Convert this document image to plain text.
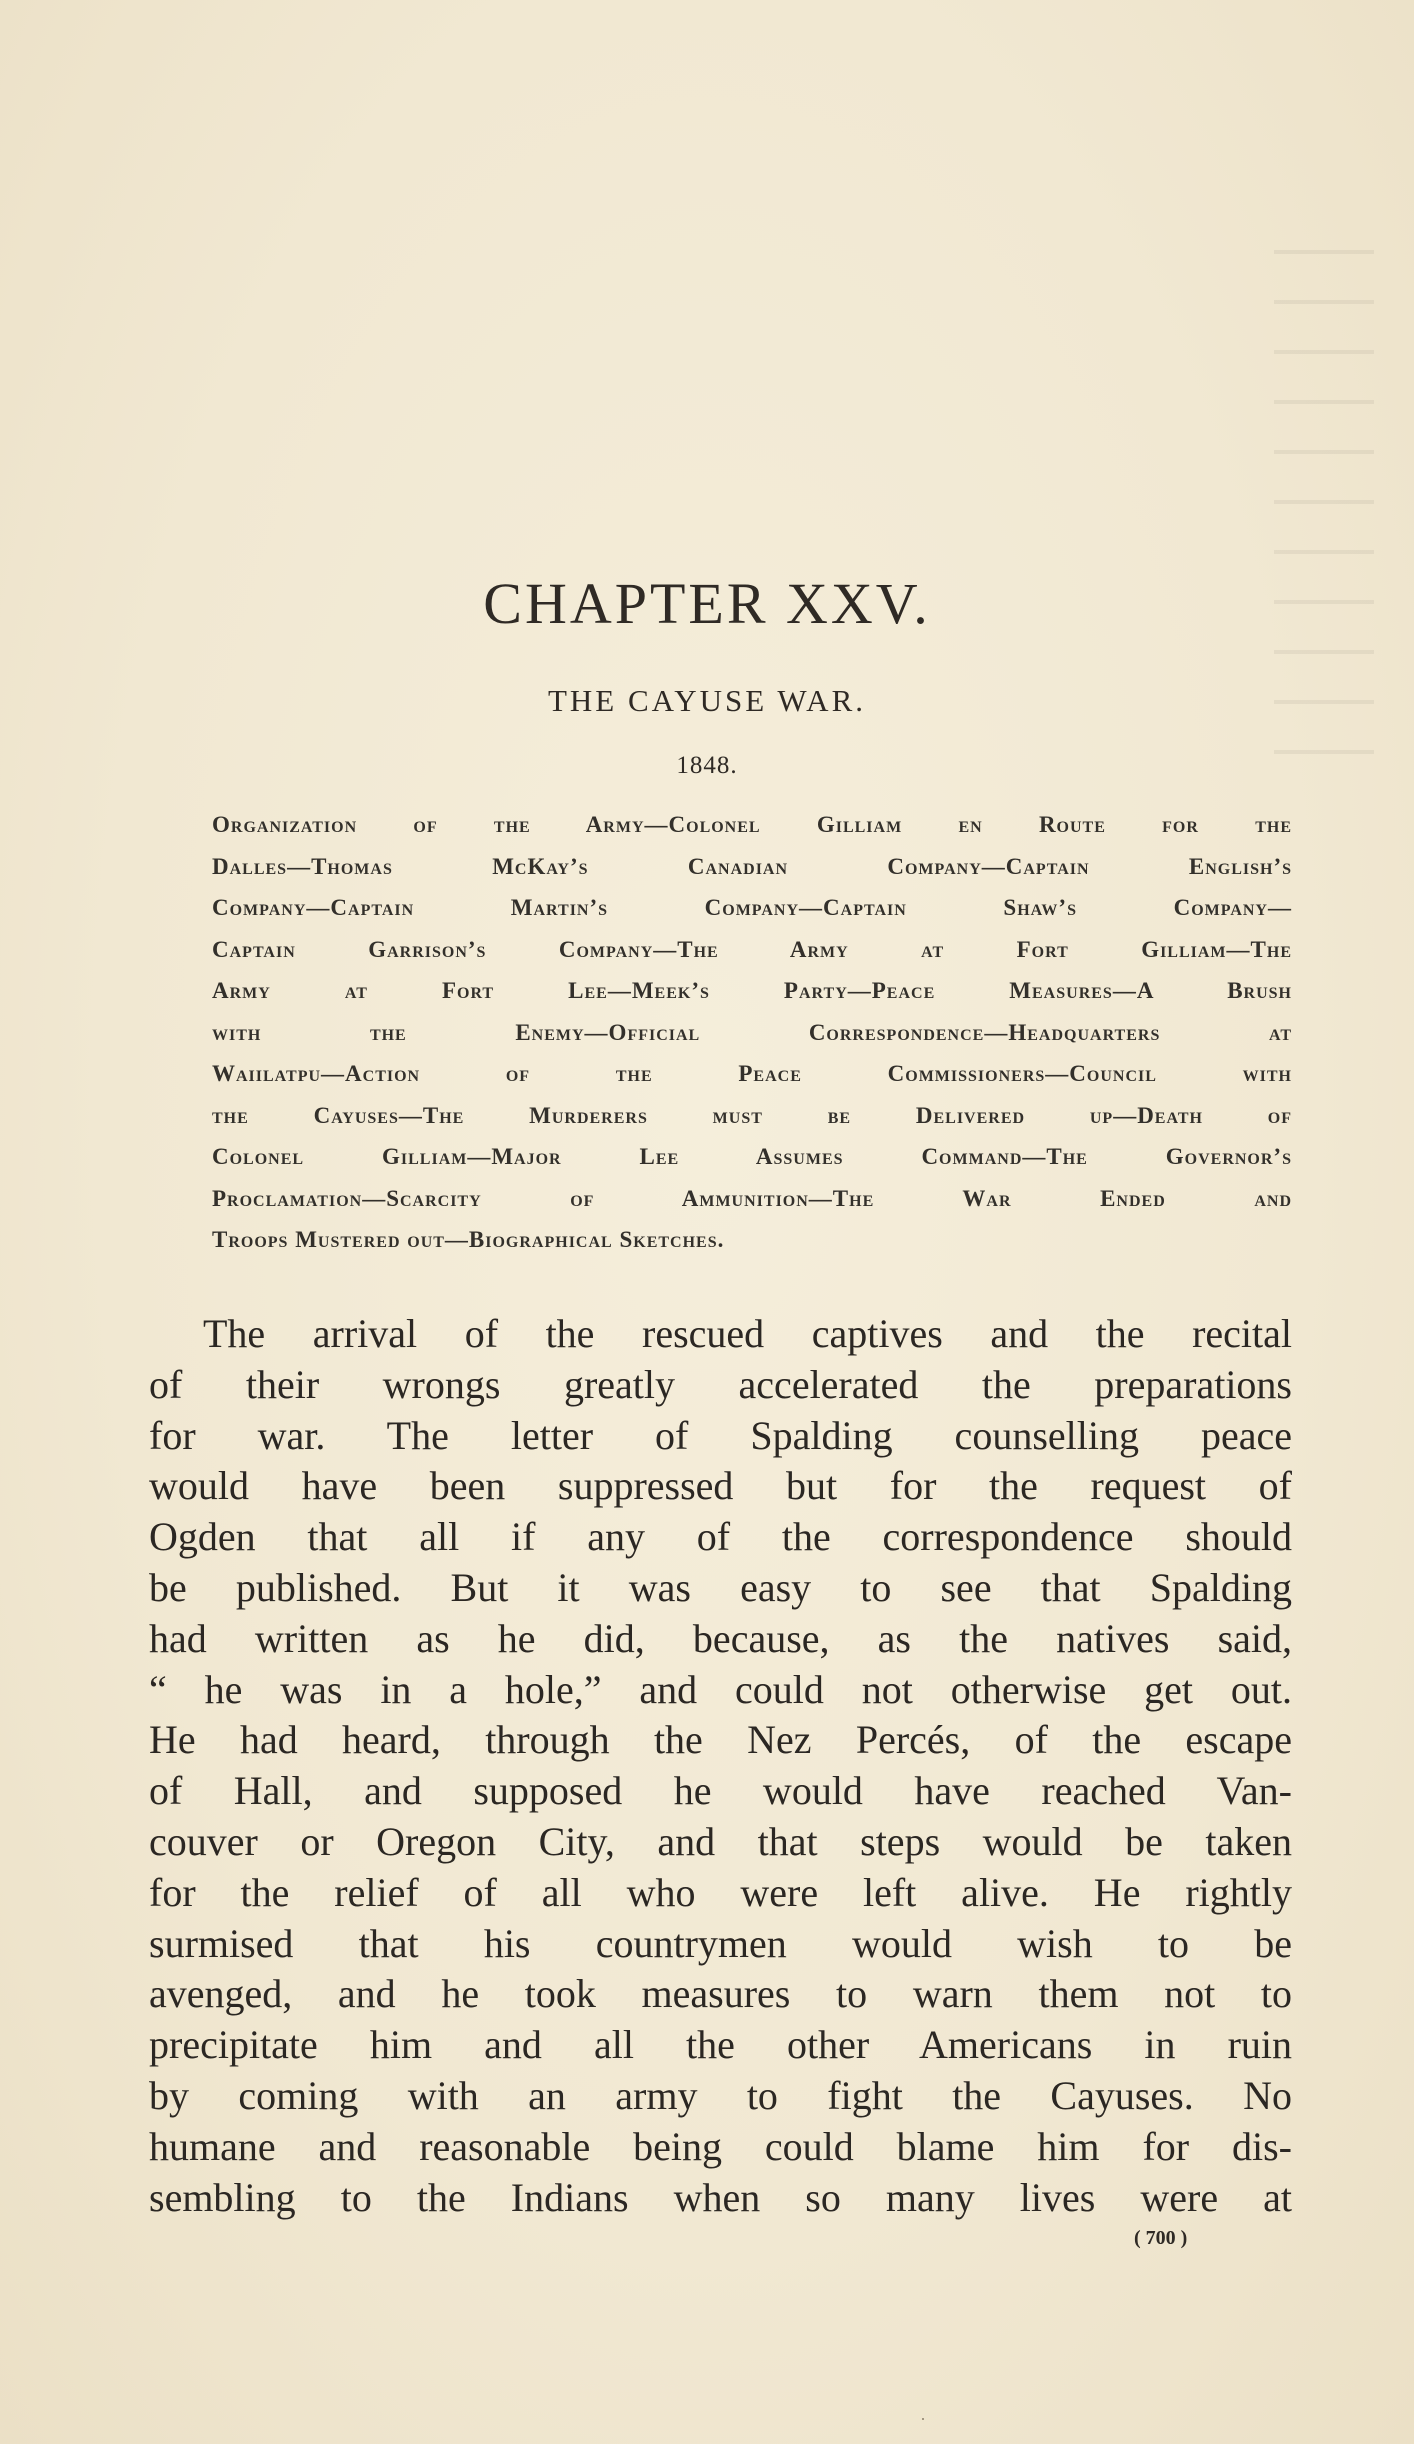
CHAPTER XXV.
THE CAYUSE WAR.
1848.
Organization of the Army—Colonel Gilliam en Route for the
Dalles—Thomas McKay’s Canadian Company—Captain English’s
Company—Captain Martin’s Company—Captain Shaw’s Company—
Captain Garrison’s Company—The Army at Fort Gilliam—The
Army at Fort Lee—Meek’s Party—Peace Measures—A Brush
with the Enemy—Official Correspondence—Headquarters at
Waiilatpu—Action of the Peace Commissioners—Council with
the Cayuses—The Murderers must be Delivered up—Death of
Colonel Gilliam—Major Lee Assumes Command—The Governor’s
Proclamation—Scarcity of Ammunition—The War Ended and
Troops Mustered out—Biographical Sketches.
The arrival of the rescued captives and the recital
of their wrongs greatly accelerated the preparations
for war. The letter of Spalding counselling peace
would have been suppressed but for the request of
Ogden that all if any of the correspondence should
be published. But it was easy to see that Spalding
had written as he did, because, as the natives said,
“ he was in a hole,” and could not otherwise get out.
He had heard, through the Nez Percés, of the escape
of Hall, and supposed he would have reached Van-
couver or Oregon City, and that steps would be taken
for the relief of all who were left alive. He rightly
surmised that his countrymen would wish to be
avenged, and he took measures to warn them not to
precipitate him and all the other Americans in ruin
by coming with an army to fight the Cayuses. No
humane and reasonable being could blame him for dis-
sembling to the Indians when so many lives were at
( 700 )
